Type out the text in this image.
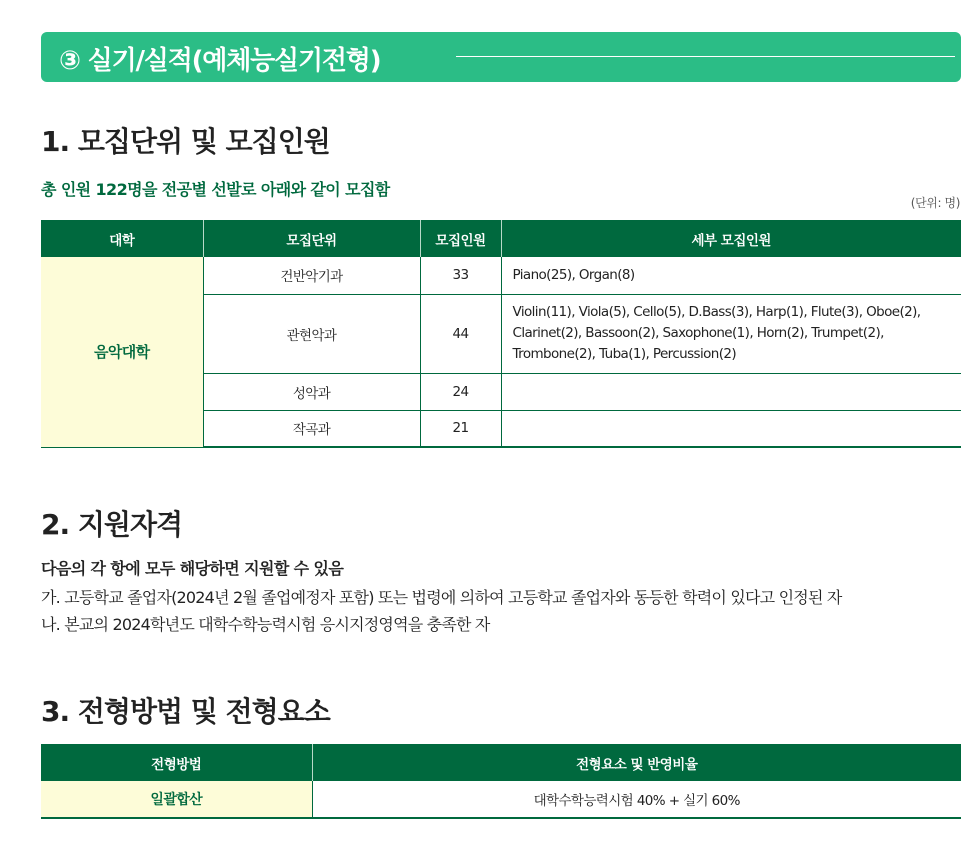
③ 실기/실적(예체능실기전형)
1. 모집단위 및 모집인원
총 인원 122명을 전공별 선발로 아래와 같이 모집함
(단위: 명)
대학	모집단위	모집인원	세부 모집인원
음악대학	건반악기과	33	Piano(25), Organ(8)
	관현악과	44	Violin(11), Viola(5), Cello(5), D.Bass(3), Harp(1), Flute(3), Oboe(2), Clarinet(2), Bassoon(2), Saxophone(1), Horn(2), Trumpet(2), Trombone(2), Tuba(1), Percussion(2)
	성악과	24	
	작곡과	21	
2. 지원자격
다음의 각 항에 모두 해당하면 지원할 수 있음
가. 고등학교 졸업자(2024년 2월 졸업예정자 포함) 또는 법령에 의하여 고등학교 졸업자와 동등한 학력이 있다고 인정된 자
나. 본교의 2024학년도 대학수학능력시험 응시지정영역을 충족한 자
3. 전형방법 및 전형요소
전형방법	전형요소 및 반영비율
일괄합산	대학수학능력시험 40% + 실기 60%
